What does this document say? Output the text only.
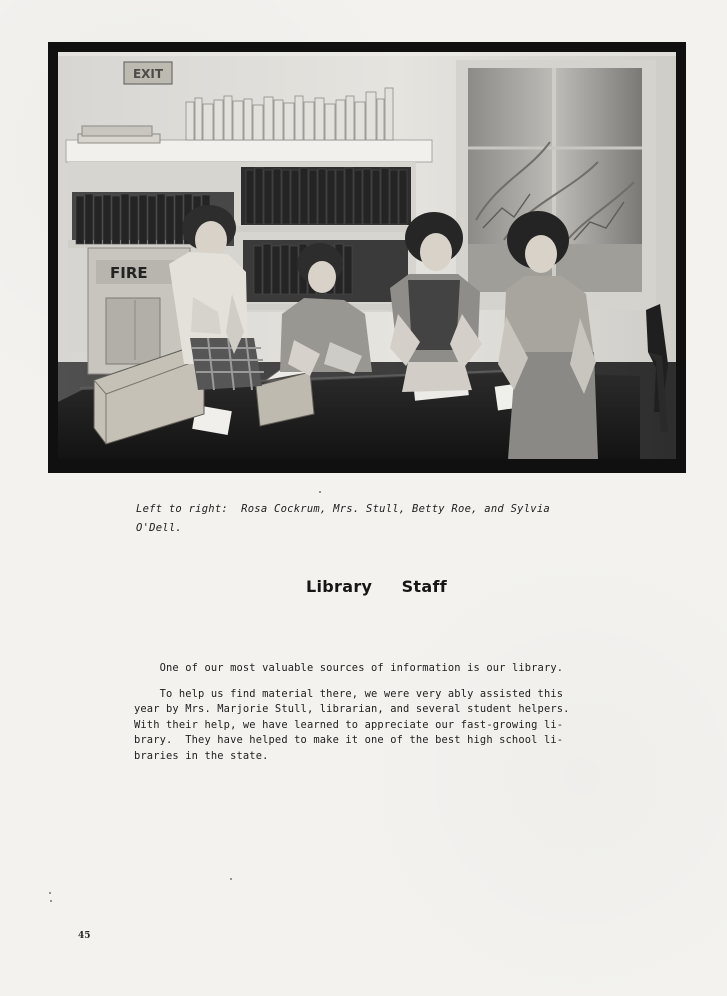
EXIT
FIRE

Left to right:  Rosa Cockrum, Mrs. Stull, Betty Roe, and Sylvia
O'Dell.

Library     Staff

One of our most valuable sources of information is our library.

To help us find material there, we were very ably assisted this
year by Mrs. Marjorie Stull, librarian, and several student helpers.
With their help, we have learned to appreciate our fast-growing li-
brary.  They have helped to make it one of the best high school li-
braries in the state.

45
